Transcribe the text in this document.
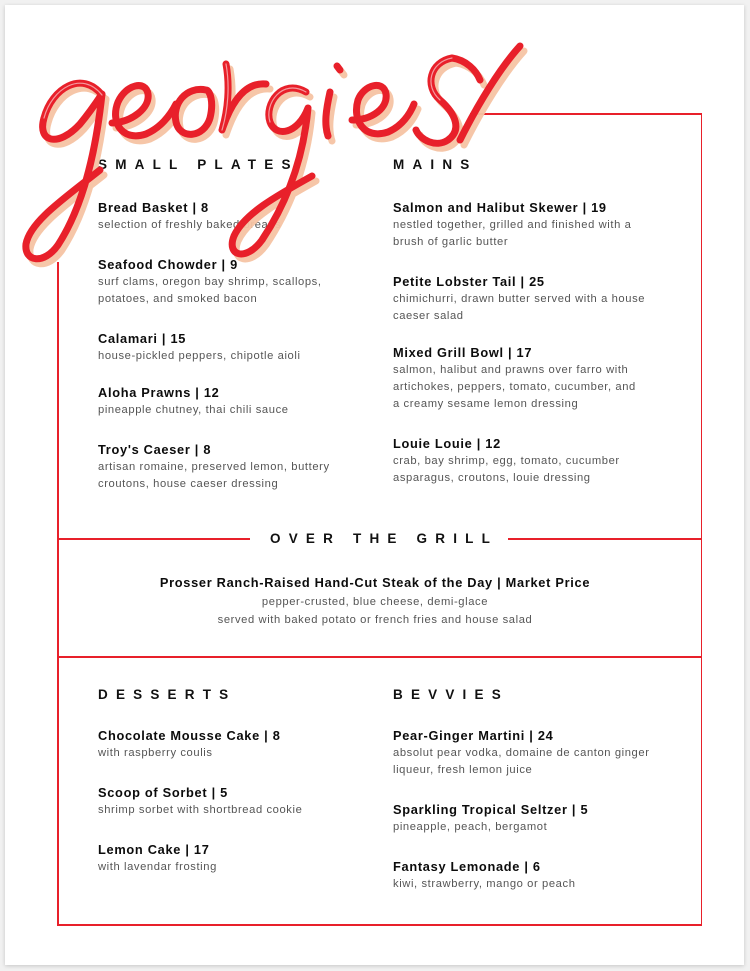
SMALL PLATES
Bread Basket | 8
selection of freshly baked breads
Seafood Chowder | 9
surf clams, oregon bay shrimp, scallops,
potatoes, and smoked bacon
Calamari | 15
house-pickled peppers, chipotle aioli
Aloha Prawns | 12
pineapple chutney, thai chili sauce
Troy's Caeser | 8
artisan romaine, preserved lemon, buttery
croutons, house caeser dressing
MAINS
Salmon and Halibut Skewer | 19
nestled together, grilled and finished with a
brush of garlic butter
Petite Lobster Tail | 25
chimichurri, drawn butter served with a house
caeser salad
Mixed Grill Bowl | 17
salmon, halibut and prawns over farro with
artichokes, peppers, tomato, cucumber, and
a creamy sesame lemon dressing
Louie Louie | 12
crab, bay shrimp, egg, tomato, cucumber
asparagus, croutons, louie dressing
OVER THE GRILL
Prosser Ranch-Raised Hand-Cut Steak of the Day | Market Price
pepper-crusted, blue cheese, demi-glace
served with baked potato or french fries and house salad
DESSERTS
Chocolate Mousse Cake | 8
with raspberry coulis
Scoop of Sorbet | 5
shrimp sorbet with shortbread cookie
Lemon Cake | 17
with lavendar frosting
BEVVIES
Pear-Ginger Martini | 24
absolut pear vodka, domaine de canton ginger
liqueur, fresh lemon juice
Sparkling Tropical Seltzer | 5
pineapple, peach, bergamot
Fantasy Lemonade | 6
kiwi, strawberry, mango or peach
